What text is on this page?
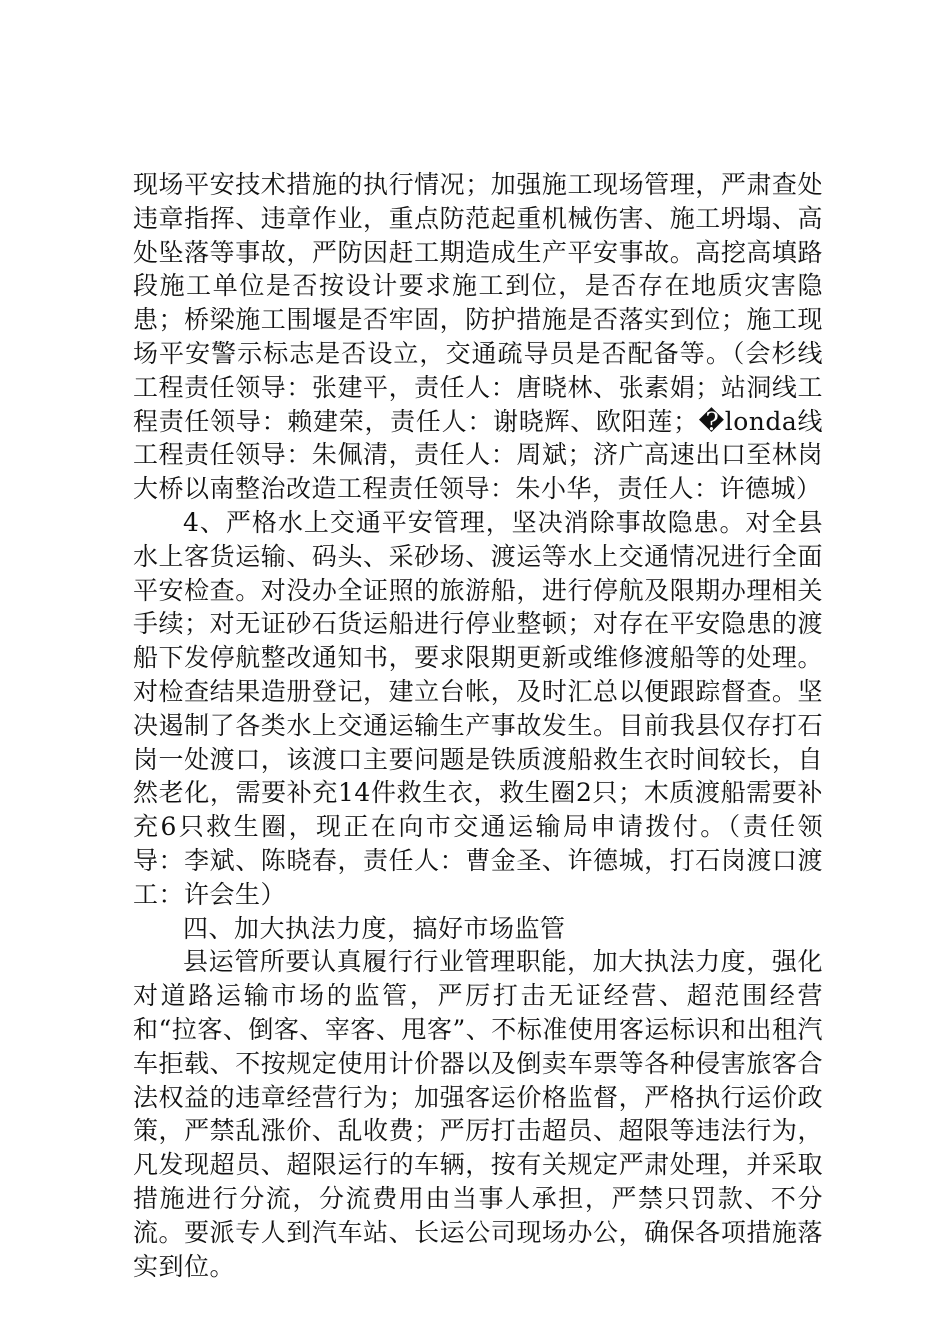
现场平安技术措施的执行情况；加强施工现场管理，严肃查处违章指挥、违章作业，重点防范起重机械伤害、施工坍塌、高处坠落等事故，严防因赶工期造成生产平安事故。高挖高填路段施工单位是否按设计要求施工到位，是否存在地质灾害隐患；桥梁施工围堰是否牢固，防护措施是否落实到位；施工现场平安警示标志是否设立，交通疏导员是否配备等。（会杉线工程责任领导：张建平，责任人：唐晓林、张素娟；站洞线工程责任领导：赖建荣，责任人：谢晓辉、欧阳莲；�londa线工程责任领导：朱佩清，责任人：周斌；济广高速出口至林岗大桥以南整治改造工程责任领导：朱小华，责任人：许德城）

4、严格水上交通平安管理，坚决消除事故隐患。对全县水上客货运输、码头、采砂场、渡运等水上交通情况进行全面平安检查。对没办全证照的旅游船，进行停航及限期办理相关手续；对无证砂石货运船进行停业整顿；对存在平安隐患的渡船下发停航整改通知书，要求限期更新或维修渡船等的处理。对检查结果造册登记，建立台帐，及时汇总以便跟踪督查。坚决遏制了各类水上交通运输生产事故发生。目前我县仅存打石岗一处渡口，该渡口主要问题是铁质渡船救生衣时间较长，自然老化，需要补充14件救生衣，救生圈2只；木质渡船需要补充6只救生圈，现正在向市交通运输局申请拨付。（责任领导：李斌、陈晓春，责任人：曹金圣、许德城，打石岗渡口渡工：许会生）

四、加大执法力度，搞好市场监管

县运管所要认真履行行业管理职能，加大执法力度，强化对道路运输市场的监管，严厉打击无证经营、超范围经营和“拉客、倒客、宰客、甩客”、不标准使用客运标识和出租汽车拒载、不按规定使用计价器以及倒卖车票等各种侵害旅客合法权益的违章经营行为；加强客运价格监督，严格执行运价政策，严禁乱涨价、乱收费；严厉打击超员、超限等违法行为，凡发现超员、超限运行的车辆，按有关规定严肃处理，并采取措施进行分流，分流费用由当事人承担，严禁只罚款、不分流。要派专人到汽车站、长运公司现场办公，确保各项措施落实到位。
